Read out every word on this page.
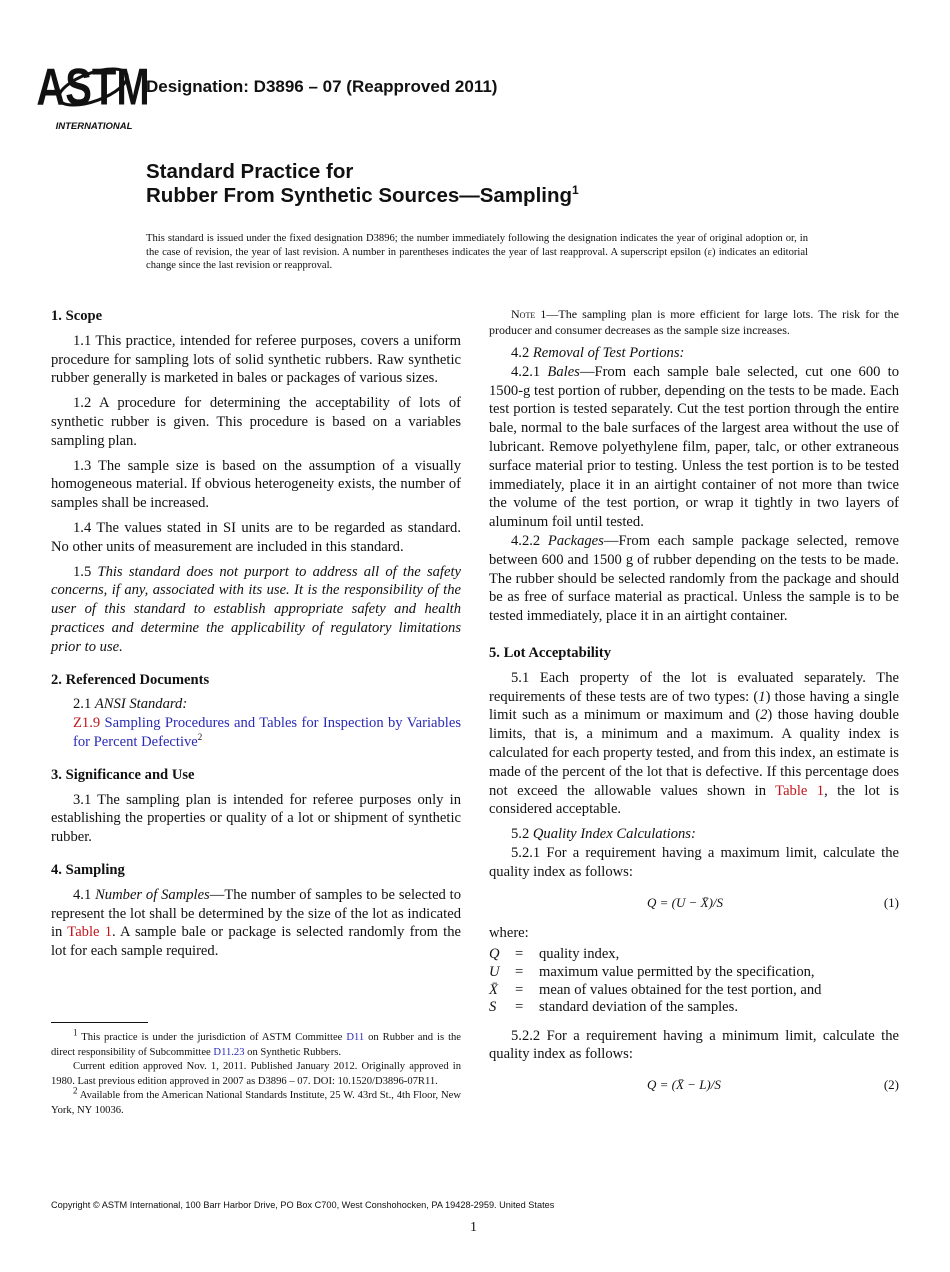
ASTM
INTERNATIONAL
Designation: D3896 – 07 (Reapproved 2011)
Standard Practice for
Rubber From Synthetic Sources—Sampling$^1$
This standard is issued under the fixed designation D3896; the number immediately following the designation indicates the year of original adoption or, in the case of revision, the year of last revision. A number in parentheses indicates the year of last reapproval. A superscript epsilon (ε) indicates an editorial change since the last revision or reapproval.
1. Scope

1.1 This practice, intended for referee purposes, covers a uniform procedure for sampling lots of solid synthetic rubbers. Raw synthetic rubber generally is marketed in bales or packages of various sizes.

1.2 A procedure for determining the acceptability of lots of synthetic rubber is given. This procedure is based on a variables sampling plan.

1.3 The sample size is based on the assumption of a visually homogeneous material. If obvious heterogeneity exists, the number of samples shall be increased.

1.4 The values stated in SI units are to be regarded as standard. No other units of measurement are included in this standard.

1.5 This standard does not purport to address all of the safety concerns, if any, associated with its use. It is the responsibility of the user of this standard to establish appropriate safety and health practices and determine the applicability of regulatory limitations prior to use.

2. Referenced Documents

2.1 ANSI Standard:

Z1.9 Sampling Procedures and Tables for Inspection by Variables for Percent Defective$^2$

3. Significance and Use

3.1 The sampling plan is intended for referee purposes only in establishing the properties or quality of a lot or shipment of synthetic rubber.

4. Sampling

4.1 Number of Samples—The number of samples to be selected to represent the lot shall be determined by the size of the lot as indicated in Table 1. A sample bale or package is selected randomly from the lot for each sample required.

$^1$ This practice is under the jurisdiction of ASTM Committee D11 on Rubber and is the direct responsibility of Subcommittee D11.23 on Synthetic Rubbers.

Current edition approved Nov. 1, 2011. Published January 2012. Originally approved in 1980. Last previous edition approved in 2007 as D3896 – 07. DOI: 10.1520/D3896-07R11.

$^2$ Available from the American National Standards Institute, 25 W. 43rd St., 4th Floor, New York, NY 10036.

Note 1—The sampling plan is more efficient for large lots. The risk for the producer and consumer decreases as the sample size increases.

4.2 Removal of Test Portions:

4.2.1 Bales—From each sample bale selected, cut one 600 to 1500-g test portion of rubber, depending on the tests to be made. Each test portion is tested separately. Cut the test portion through the entire bale, normal to the bale surfaces of the largest area without the use of lubricant. Remove polyethylene film, paper, talc, or other extraneous surface material prior to testing. Unless the test portion is to be tested immediately, place it in an airtight container of not more than twice the volume of the test portion, or wrap it tightly in two layers of aluminum foil until tested.

4.2.2 Packages—From each sample package selected, remove between 600 and 1500 g of rubber depending on the tests to be made. The rubber should be selected randomly from the package and should be as free of surface material as practical. Unless the sample is to be tested immediately, place it in an airtight container.

5. Lot Acceptability

5.1 Each property of the lot is evaluated separately. The requirements of these tests are of two types: (1) those having a single limit such as a minimum or maximum and (2) those having double limits, that is, a minimum and a maximum. A quality index is calculated for each property tested, and from this index, an estimate is made of the percent of the lot that is defective. If this percentage does not exceed the allowable values shown in Table 1, the lot is considered acceptable.

5.2 Quality Index Calculations:

5.2.1 For a requirement having a maximum limit, calculate the quality index as follows:

Q = (U − X̄)/S	(1)
where:
Q	=	quality index,
U	=	maximum value permitted by the specification,
X̄	=	mean of values obtained for the test portion, and
S	=	standard deviation of the samples.

5.2.2 For a requirement having a minimum limit, calculate the quality index as follows:

Q = (X̄ − L)/S	(2)
Copyright © ASTM International, 100 Barr Harbor Drive, PO Box C700, West Conshohocken, PA 19428-2959. United States
1
